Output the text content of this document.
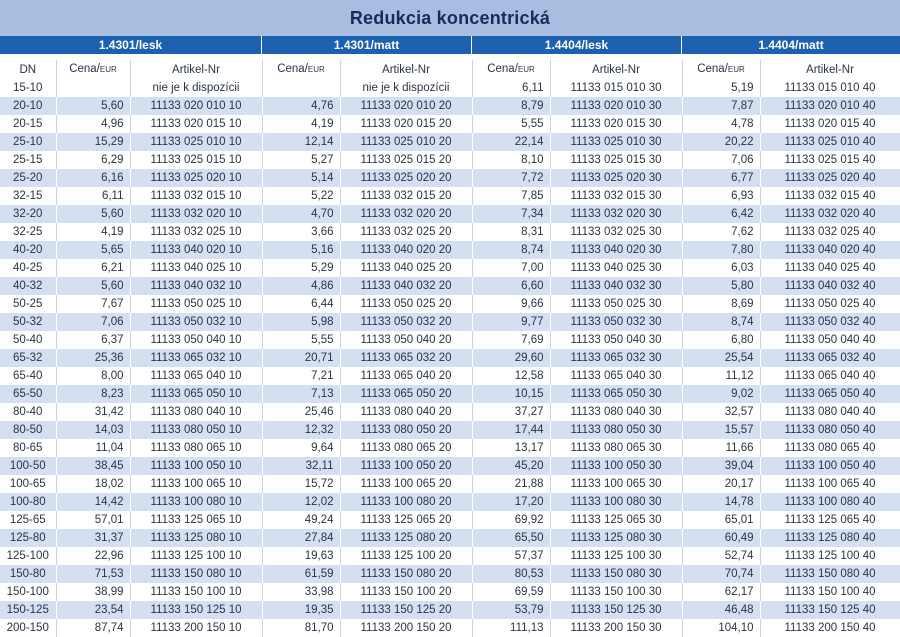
Redukcia koncentrická
1.4301/lesk	1.4301/matt	1.4404/lesk	1.4404/matt
DN	Cena/EUR	Artikel-Nr	Cena/EUR	Artikel-Nr	Cena/EUR	Artikel-Nr	Cena/EUR	Artikel-Nr
15-10		nie je k dispozícii		nie je k dispozícii	6,11	11133 015 010 30	5,19	11133 015 010 40
20-10	5,60	11133 020 010 10	4,76	11133 020 010 20	8,79	11133 020 010 30	7,87	11133 020 010 40
20-15	4,96	11133 020 015 10	4,19	11133 020 015 20	5,55	11133 020 015 30	4,78	11133 020 015 40
25-10	15,29	11133 025 010 10	12,14	11133 025 010 20	22,14	11133 025 010 30	20,22	11133 025 010 40
25-15	6,29	11133 025 015 10	5,27	11133 025 015 20	8,10	11133 025 015 30	7,06	11133 025 015 40
25-20	6,16	11133 025 020 10	5,14	11133 025 020 20	7,72	11133 025 020 30	6,77	11133 025 020 40
32-15	6,11	11133 032 015 10	5,22	11133 032 015 20	7,85	11133 032 015 30	6,93	11133 032 015 40
32-20	5,60	11133 032 020 10	4,70	11133 032 020 20	7,34	11133 032 020 30	6,42	11133 032 020 40
32-25	4,19	11133 032 025 10	3,66	11133 032 025 20	8,31	11133 032 025 30	7,62	11133 032 025 40
40-20	5,65	11133 040 020 10	5,16	11133 040 020 20	8,74	11133 040 020 30	7,80	11133 040 020 40
40-25	6,21	11133 040 025 10	5,29	11133 040 025 20	7,00	11133 040 025 30	6,03	11133 040 025 40
40-32	5,60	11133 040 032 10	4,86	11133 040 032 20	6,60	11133 040 032 30	5,80	11133 040 032 40
50-25	7,67	11133 050 025 10	6,44	11133 050 025 20	9,66	11133 050 025 30	8,69	11133 050 025 40
50-32	7,06	11133 050 032 10	5,98	11133 050 032 20	9,77	11133 050 032 30	8,74	11133 050 032 40
50-40	6,37	11133 050 040 10	5,55	11133 050 040 20	7,69	11133 050 040 30	6,80	11133 050 040 40
65-32	25,36	11133 065 032 10	20,71	11133 065 032 20	29,60	11133 065 032 30	25,54	11133 065 032 40
65-40	8,00	11133 065 040 10	7,21	11133 065 040 20	12,58	11133 065 040 30	11,12	11133 065 040 40
65-50	8,23	11133 065 050 10	7,13	11133 065 050 20	10,15	11133 065 050 30	9,02	11133 065 050 40
80-40	31,42	11133 080 040 10	25,46	11133 080 040 20	37,27	11133 080 040 30	32,57	11133 080 040 40
80-50	14,03	11133 080 050 10	12,32	11133 080 050 20	17,44	11133 080 050 30	15,57	11133 080 050 40
80-65	11,04	11133 080 065 10	9,64	11133 080 065 20	13,17	11133 080 065 30	11,66	11133 080 065 40
100-50	38,45	11133 100 050 10	32,11	11133 100 050 20	45,20	11133 100 050 30	39,04	11133 100 050 40
100-65	18,02	11133 100 065 10	15,72	11133 100 065 20	21,88	11133 100 065 30	20,17	11133 100 065 40
100-80	14,42	11133 100 080 10	12,02	11133 100 080 20	17,20	11133 100 080 30	14,78	11133 100 080 40
125-65	57,01	11133 125 065 10	49,24	11133 125 065 20	69,92	11133 125 065 30	65,01	11133 125 065 40
125-80	31,37	11133 125 080 10	27,84	11133 125 080 20	65,50	11133 125 080 30	60,49	11133 125 080 40
125-100	22,96	11133 125 100 10	19,63	11133 125 100 20	57,37	11133 125 100 30	52,74	11133 125 100 40
150-80	71,53	11133 150 080 10	61,59	11133 150 080 20	80,53	11133 150 080 30	70,74	11133 150 080 40
150-100	38,99	11133 150 100 10	33,98	11133 150 100 20	69,59	11133 150 100 30	62,17	11133 150 100 40
150-125	23,54	11133 150 125 10	19,35	11133 150 125 20	53,79	11133 150 125 30	46,48	11133 150 125 40
200-150	87,74	11133 200 150 10	81,70	11133 200 150 20	111,13	11133 200 150 30	104,10	11133 200 150 40
